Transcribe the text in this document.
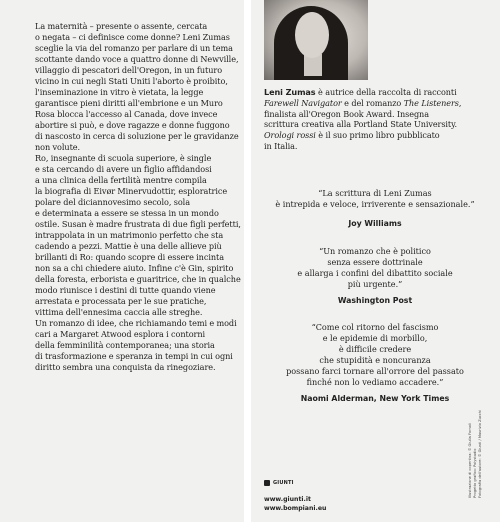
La maternità – presente o assente, cercata
o negata – ci definisce come donne? Leni Zumas
sceglie la via del romanzo per parlare di un tema
scottante dando voce a quattro donne di Newville,
villaggio di pescatori dell'Oregon, in un futuro
vicino in cui negli Stati Uniti l'aborto è proibito,
l'inseminazione in vitro è vietata, la legge
garantisce pieni diritti all'embrione e un Muro
Rosa blocca l'accesso al Canada, dove invece
abortire si può, e dove ragazze e donne fuggono
di nascosto in cerca di soluzione per le gravidanze
non volute.
Ro, insegnante di scuola superiore, è single
e sta cercando di avere un figlio affidandosi
a una clinica della fertilità mentre compila
la biografia di Eivør Minervudottir, esploratrice
polare del diciannovesimo secolo, sola
e determinata a essere se stessa in un mondo
ostile. Susan è madre frustrata di due figli perfetti,
intrappolata in un matrimonio perfetto che sta
cadendo a pezzi. Mattie è una delle allieve più
brillanti di Ro: quando scopre di essere incinta
non sa a chi chiedere aiuto. Infine c'è Gin, spirito
della foresta, erborista e guaritrice, che in qualche
modo riunisce i destini di tutte quando viene
arrestata e processata per le sue pratiche,
vittima dell'ennesima caccia alle streghe.
Un romanzo di idee, che richiamando temi e modi
cari a Margaret Atwood esplora i contorni
della femminilità contemporanea; una storia
di trasformazione e speranza in tempi in cui ogni
diritto sembra una conquista da rinegoziare.

Leni Zumas è autrice della raccolta di racconti
Farewell Navigator e del romanzo The Listeners,
finalista all'Oregon Book Award. Insegna
scrittura creativa alla Portland State University.
Orologi rossi è il suo primo libro pubblicato
in Italia.

“La scrittura di Leni Zumas
è intrepida e veloce, irriverente e sensazionale.”

Joy Williams

“Un romanzo che è politico
senza essere dottrinale
e allarga i confini del dibattito sociale
più urgente.”

Washington Post

“Come col ritorno del fascismo
e le epidemie di morbillo,
è difficile credere
che stupidità e noncuranza
possano farci tornare all'orrore del passato
finché non lo vediamo accadere.”

Naomi Alderman, New York Times
GIUNTI
www.giunti.it
www.bompiani.eu
Illustrazione di copertina: © Giulia Fornoli Progetto grafico: Polystudio Fotografia dell'autore: © Giunti / Maurizio Zucchi
